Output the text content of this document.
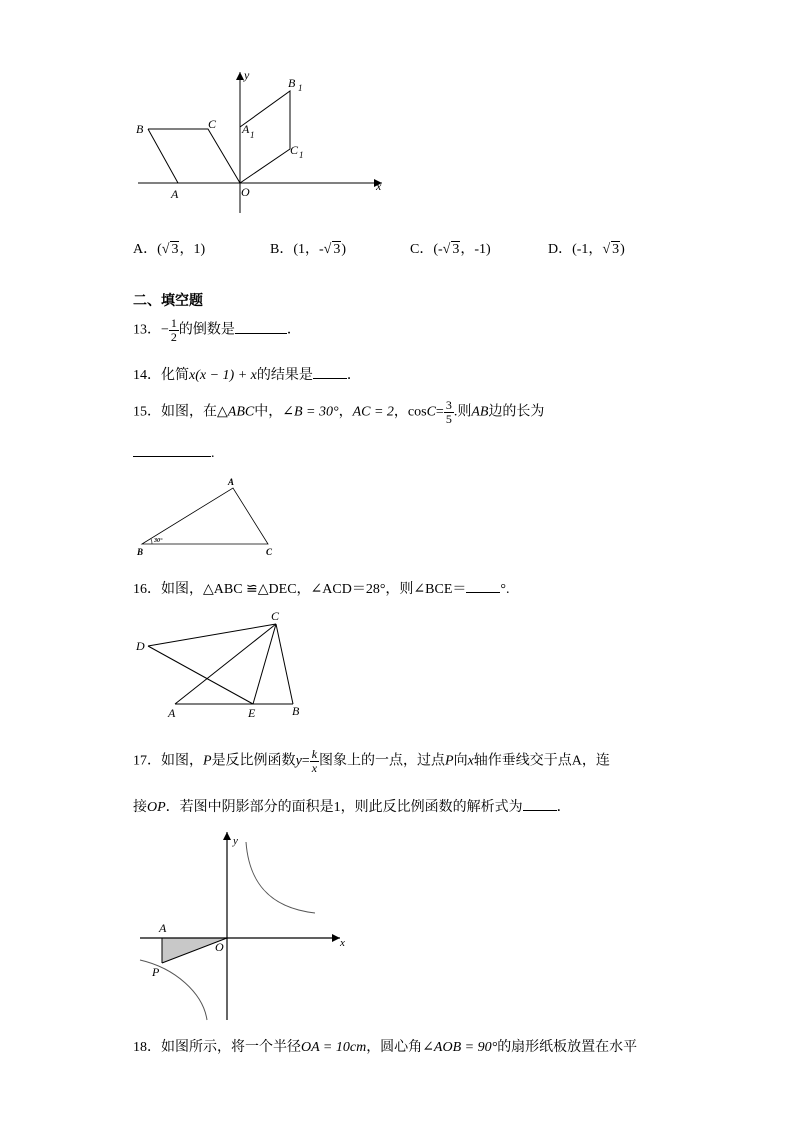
y
x
B	C
A	O
B 1
A 1
C 1
A．(√ 3，1)	B．(1，-√ 3)	C．(-√ 3，-1)	D．(-1，√ 3)
二、填空题
13．− $\frac{1}{2}$ 的倒数是	．
14．化简x(x − 1) + x的结果是 ．
15．如图，在△ABC中，∠B = 30°，AC = 2，$\cos C= \frac{3}{5}$ .则AB边的长为
.
A
B	C
30°
16．如图，△ABC ≌△DEC，∠ACD＝28°，则∠BCE＝ °.
C
D
A	E	B
17．如图，P是反比例函数$y= \frac{k}{x}$ 图象上的一点，过点P向x轴作垂线交于点A，连
接OP．若图中阴影部分的面积是1，则此反比例函数的解析式为 ．
y
x
A
O
P
18．如图所示，将一个半径OA = 10cm，圆心角∠AOB = 90°的扇形纸板放置在水平
